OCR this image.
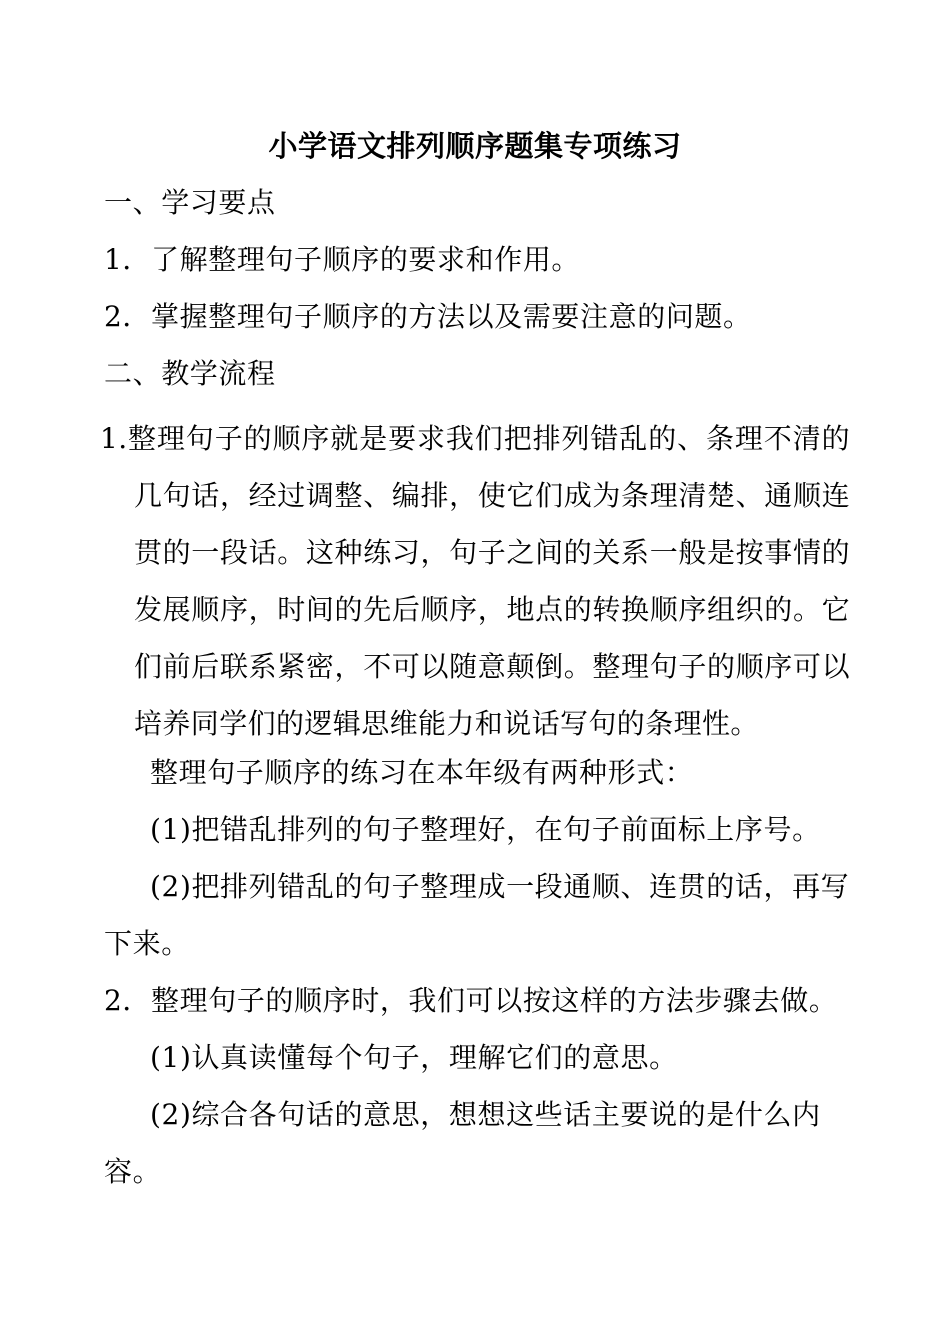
小学语文排列顺序题集专项练习
一、学习要点
1．了解整理句子顺序的要求和作用。
2．掌握整理句子顺序的方法以及需要注意的问题。
二、教学流程
1.整理句子的顺序就是要求我们把排列错乱的、条理不清的几句话，经过调整、编排，使它们成为条理清楚、通顺连贯的一段话。这种练习，句子之间的关系一般是按事情的发展顺序，时间的先后顺序，地点的转换顺序组织的。它们前后联系紧密，不可以随意颠倒。整理句子的顺序可以培养同学们的逻辑思维能力和说话写句的条理性。
整理句子顺序的练习在本年级有两种形式：
(1)把错乱排列的句子整理好，在句子前面标上序号。
(2)把排列错乱的句子整理成一段通顺、连贯的话，再写
下来。
2．整理句子的顺序时，我们可以按这样的方法步骤去做。
(1)认真读懂每个句子，理解它们的意思。
(2)综合各句话的意思，想想这些话主要说的是什么内
容。
